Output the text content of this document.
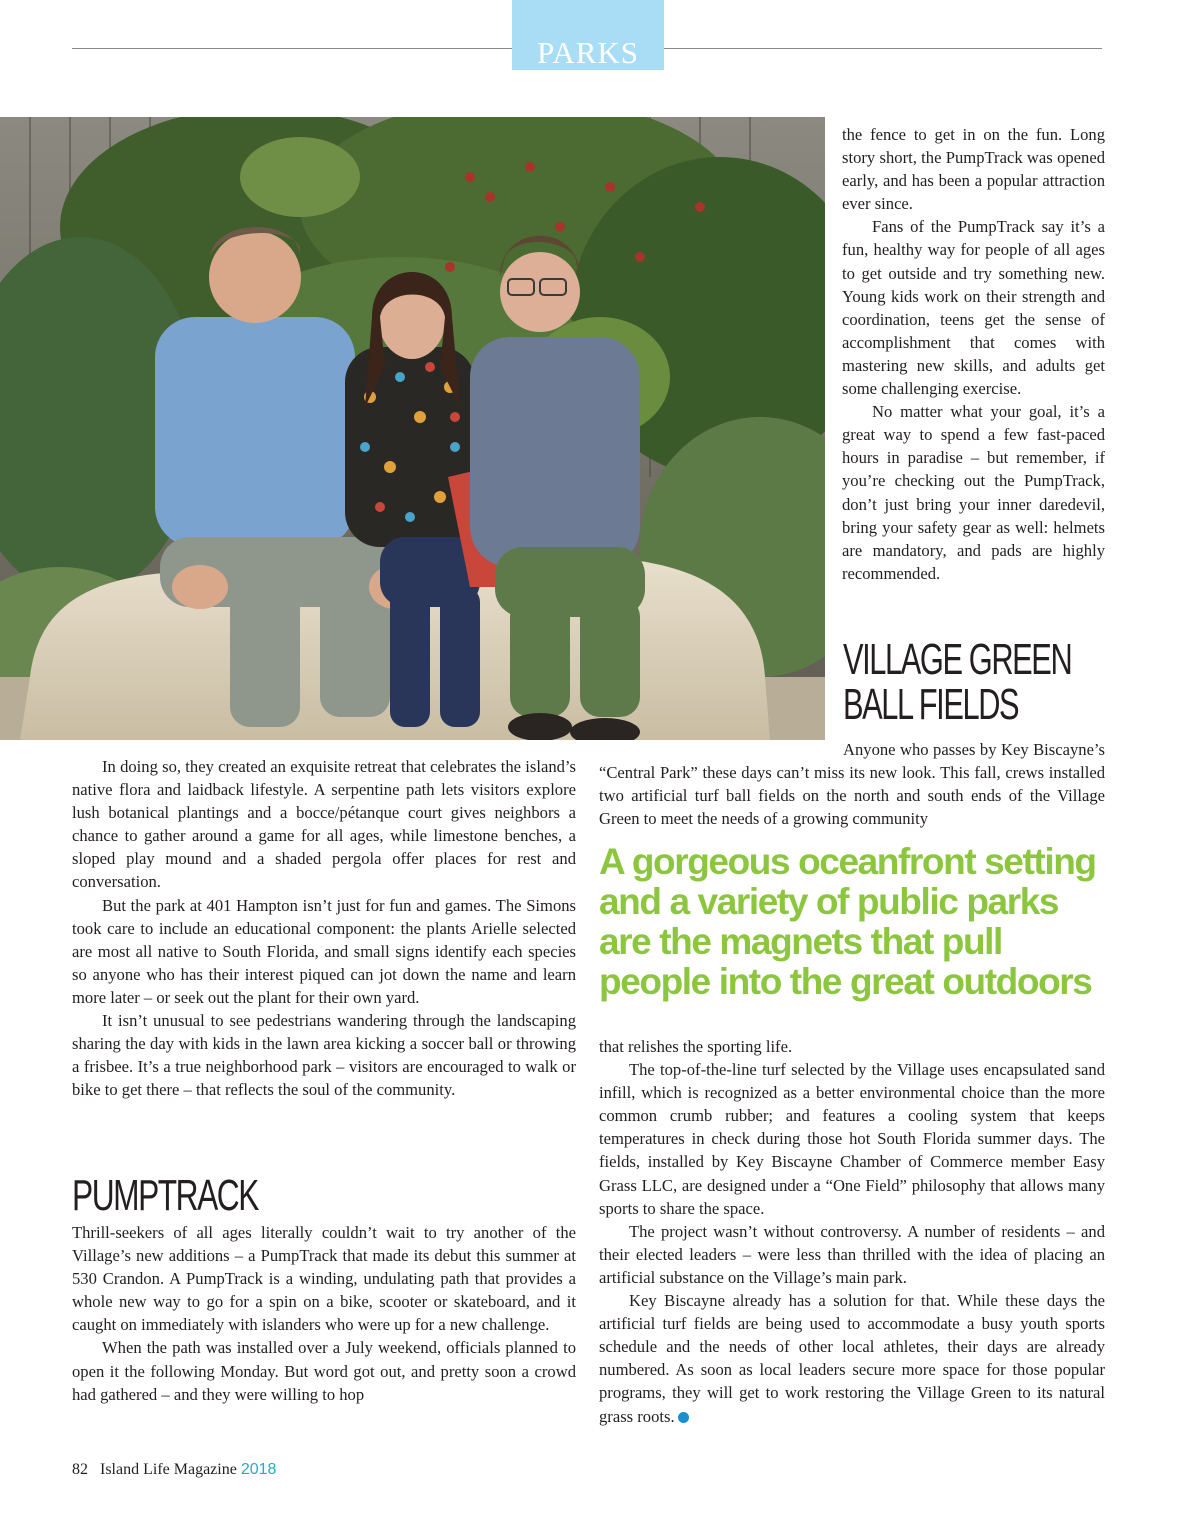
PARKS

the fence to get in on the fun. Long story short, the PumpTrack was opened early, and has been a popular attraction ever since.

Fans of the PumpTrack say it’s a fun, healthy way for people of all ages to get outside and try something new. Young kids work on their strength and coordination, teens get the sense of accomplishment that comes with mastering new skills, and adults get some challenging exercise.

No matter what your goal, it’s a great way to spend a few fast-paced hours in paradise – but remember, if you’re checking out the PumpTrack, don’t just bring your inner daredevil, bring your safety gear as well: helmets are mandatory, and pads are highly recommended.

VILLAGE GREEN
BALL FIELDS

Anyone who passes by Key Biscayne’s “Central Park” these days can’t miss its new look. This fall, crews installed two artificial turf ball fields on the north and south ends of the Village Green to meet the needs of a growing community

A gorgeous oceanfront setting and a variety of public parks are the magnets that pull people into the great outdoors

In doing so, they created an exquisite retreat that celebrates the island’s native flora and laidback lifestyle. A serpentine path lets visitors explore lush botanical plantings and a bocce/pétanque court gives neighbors a chance to gather around a game for all ages, while limestone benches, a sloped play mound and a shaded pergola offer places for rest and conversation.

But the park at 401 Hampton isn’t just for fun and games. The Simons took care to include an educational component: the plants Arielle selected are most all native to South Florida, and small signs identify each species so anyone who has their interest piqued can jot down the name and learn more later – or seek out the plant for their own yard.

It isn’t unusual to see pedestrians wandering through the landscaping sharing the day with kids in the lawn area kicking a soccer ball or throwing a frisbee. It’s a true neighborhood park – visitors are encouraged to walk or bike to get there – that reflects the soul of the community.

PUMPTRACK

Thrill-seekers of all ages literally couldn’t wait to try another of the Village’s new additions – a PumpTrack that made its debut this summer at 530 Crandon. A PumpTrack is a winding, undulating path that provides a whole new way to go for a spin on a bike, scooter or skateboard, and it caught on immediately with islanders who were up for a new challenge.

When the path was installed over a July weekend, officials planned to open it the following Monday. But word got out, and pretty soon a crowd had gathered – and they were willing to hop

that relishes the sporting life.

The top-of-the-line turf selected by the Village uses encapsulated sand infill, which is recognized as a better environmental choice than the more common crumb rubber; and features a cooling system that keeps temperatures in check during those hot South Florida summer days. The fields, installed by Key Biscayne Chamber of Commerce member Easy Grass LLC, are designed under a “One Field” philosophy that allows many sports to share the space.

The project wasn’t without controversy. A number of residents – and their elected leaders – were less than thrilled with the idea of placing an artificial substance on the Village’s main park.

Key Biscayne already has a solution for that. While these days the artificial turf fields are being used to accommodate a busy youth sports schedule and the needs of other local athletes, their days are already numbered. As soon as local leaders secure more space for those popular programs, they will get to work restoring the Village Green to its natural grass roots.

82 Island Life Magazine 2018
